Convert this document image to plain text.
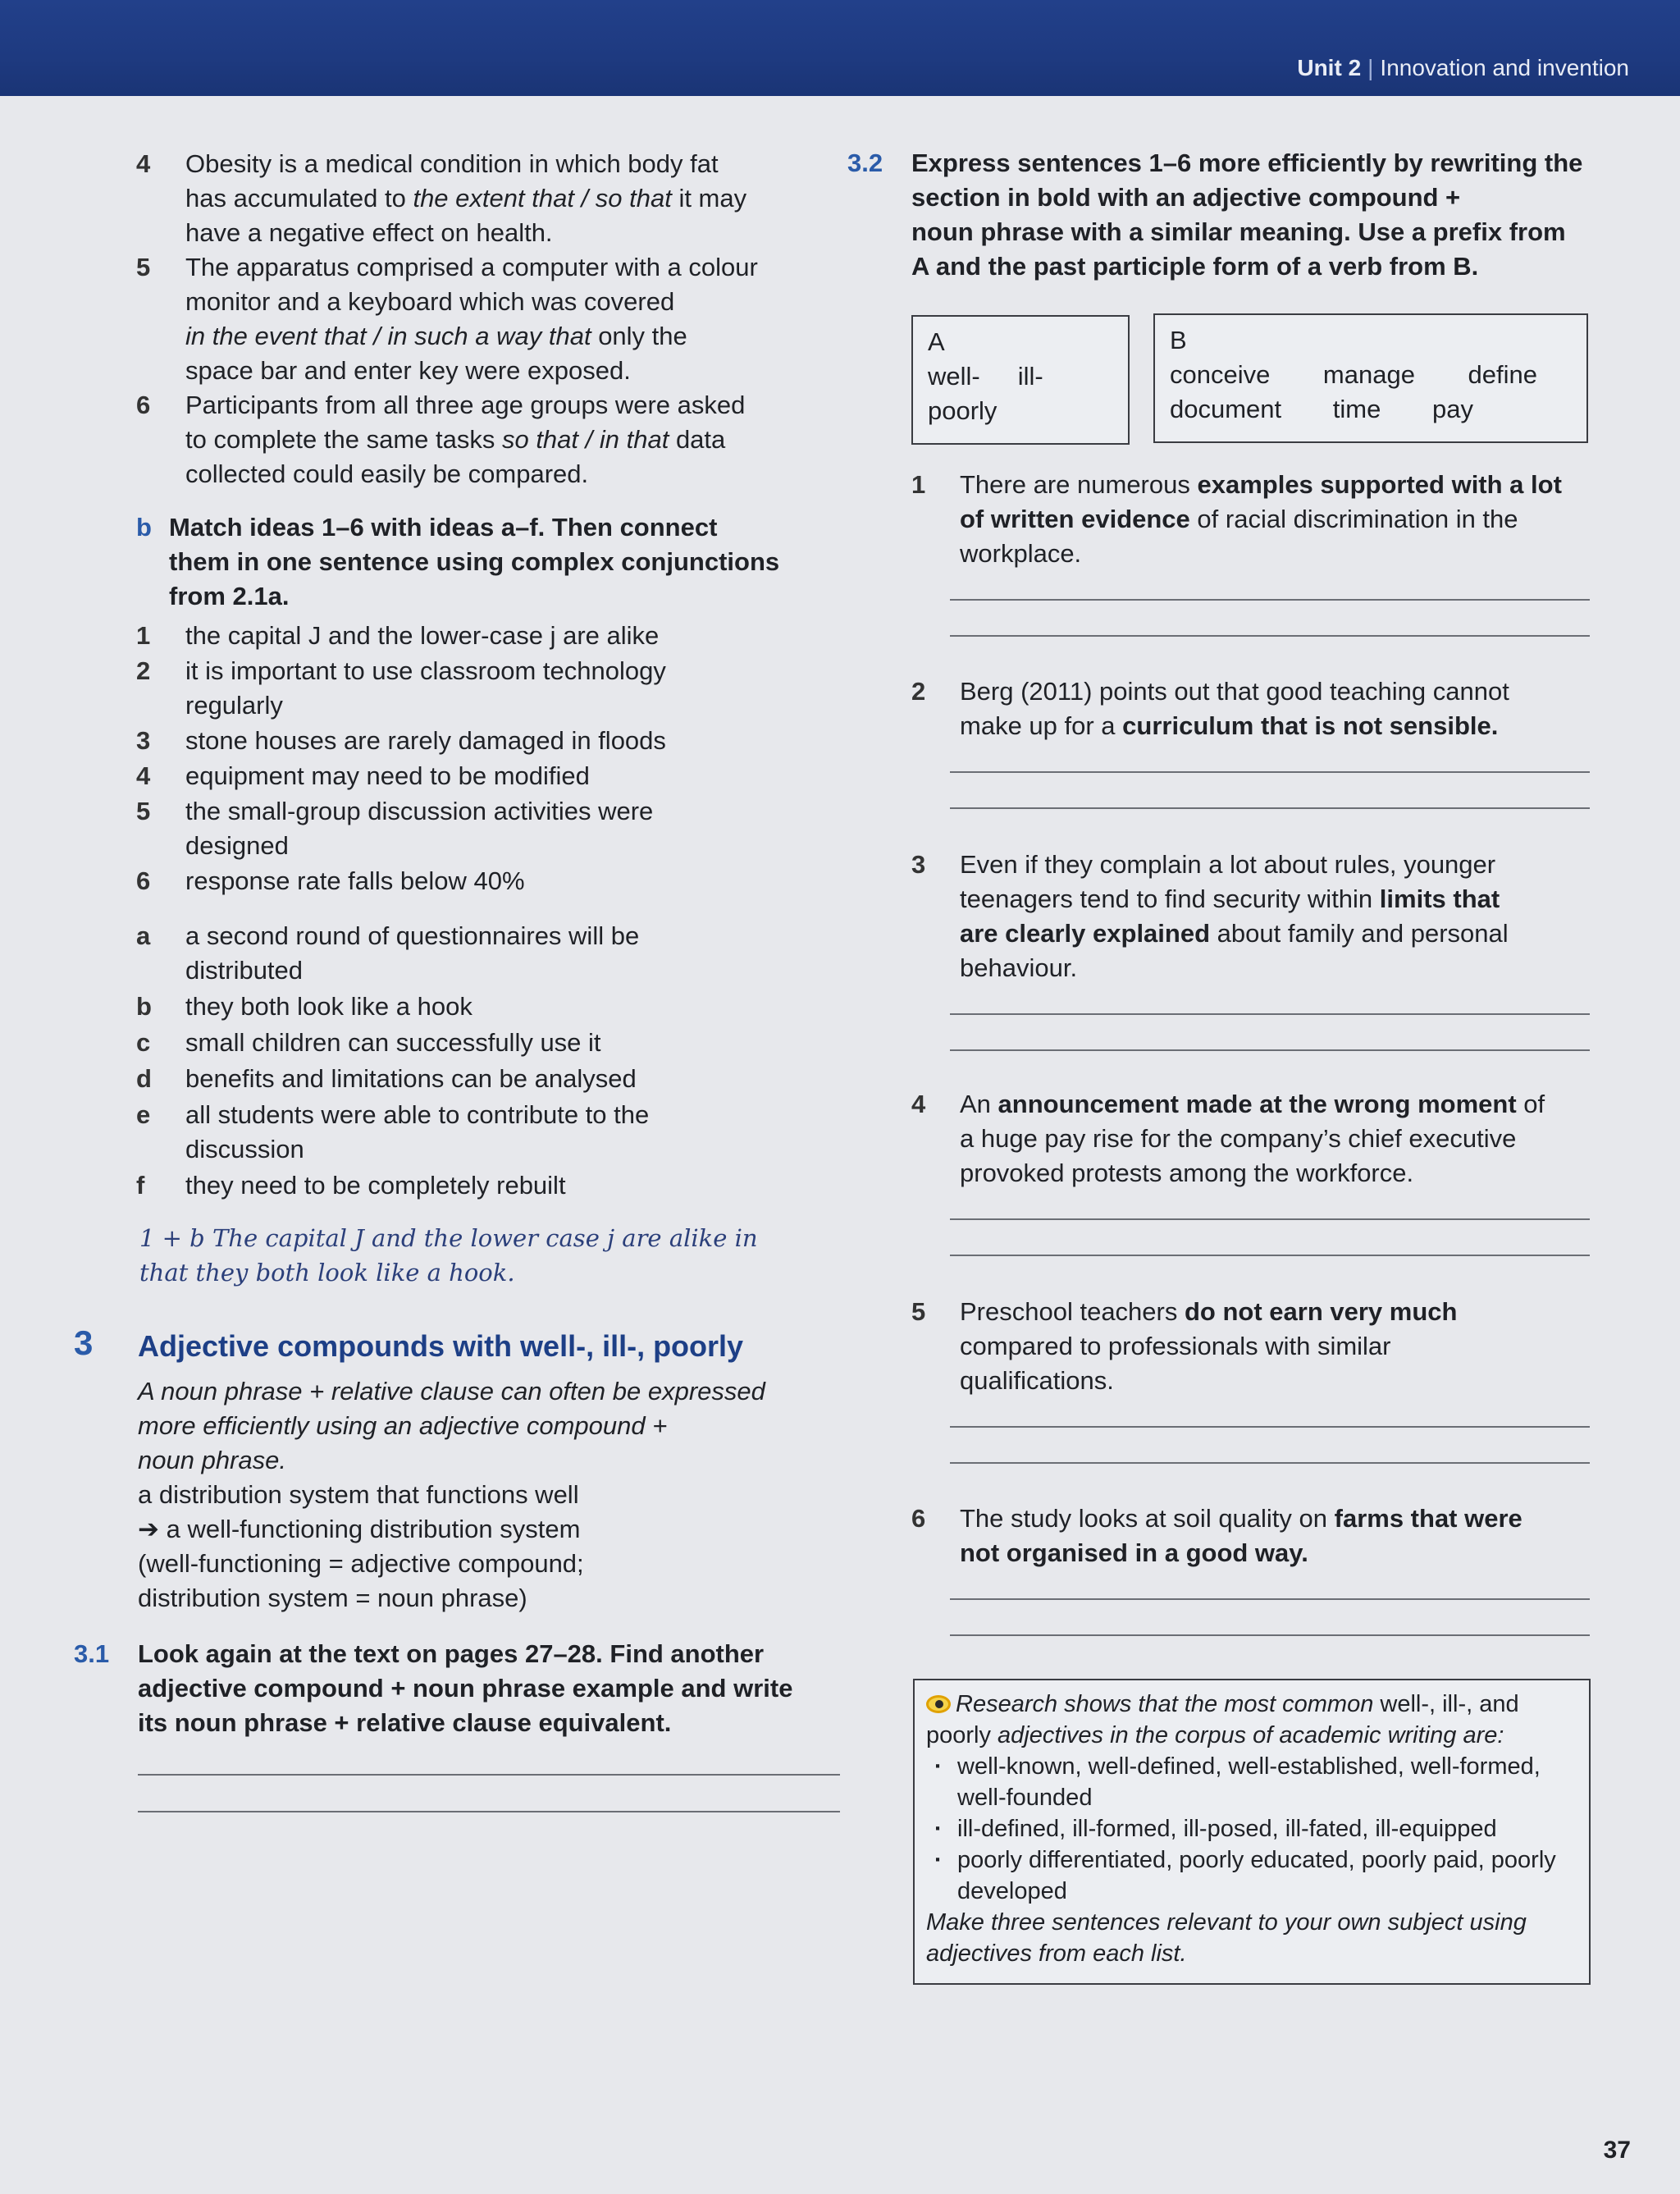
Unit 2 | Innovation and invention
4 Obesity is a medical condition in which body fat
has accumulated to the extent that / so that it may
have a negative effect on health.
5 The apparatus comprised a computer with a colour
monitor and a keyboard which was covered
in the event that / in such a way that only the
space bar and enter key were exposed.
6 Participants from all three age groups were asked
to complete the same tasks so that / in that data
collected could easily be compared.
b Match ideas 1–6 with ideas a–f. Then connect
them in one sentence using complex conjunctions
from 2.1a.
1 the capital J and the lower-case j are alike
2 it is important to use classroom technology
regularly
3 stone houses are rarely damaged in floods
4 equipment may need to be modified
5 the small-group discussion activities were
designed
6 response rate falls below 40%
a a second round of questionnaires will be
distributed
b they both look like a hook
c small children can successfully use it
d benefits and limitations can be analysed
e all students were able to contribute to the
discussion
f they need to be completely rebuilt
1 + b The capital J and the lower case j are alike in
that they both look like a hook.
3 Adjective compounds with well-, ill-, poorly
A noun phrase + relative clause can often be expressed
more efficiently using an adjective compound +
noun phrase.
a distribution system that functions well
➔ a well-functioning distribution system
(well-functioning = adjective compound;
distribution system = noun phrase)
3.1 Look again at the text on pages 27–28. Find another
adjective compound + noun phrase example and write
its noun phrase + relative clause equivalent.
3.2 Express sentences 1–6 more efficiently by rewriting the
section in bold with an adjective compound +
noun phrase with a similar meaning. Use a prefix from
A and the past participle form of a verb from B.
A
well- ill-
poorly
B
conceive manage define
document time pay
1 There are numerous examples supported with a lot
of written evidence of racial discrimination in the
workplace.
2 Berg (2011) points out that good teaching cannot
make up for a curriculum that is not sensible.
3 Even if they complain a lot about rules, younger
teenagers tend to find security within limits that
are clearly explained about family and personal
behaviour.
4 An announcement made at the wrong moment of
a huge pay rise for the company’s chief executive
provoked protests among the workforce.
5 Preschool teachers do not earn very much
compared to professionals with similar
qualifications.
6 The study looks at soil quality on farms that were
not organised in a good way.
Research shows that the most common well-, ill-, and poorly adjectives in the corpus of academic writing are:
· well-known, well-defined, well-established, well-formed, well-founded
· ill-defined, ill-formed, ill-posed, ill-fated, ill-equipped
· poorly differentiated, poorly educated, poorly paid, poorly developed
Make three sentences relevant to your own subject using adjectives from each list.
37
